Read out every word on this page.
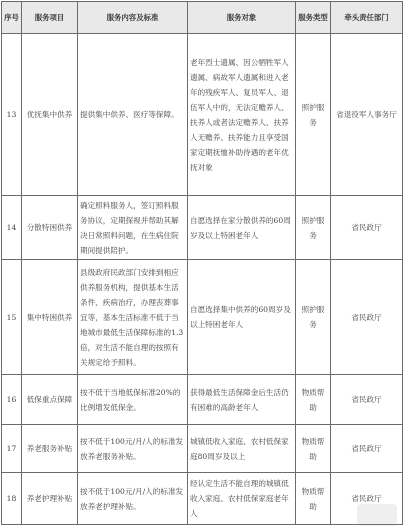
序号	服务项目	服务内容及标准	服务对象	服务类型	牵头责任部门
13	优抚集中供养	提供集中供养、医疗等保障。	老年烈士遗属、因公牺牲军人遗属、病故军人遗属和进入老年的残疾军人、复员军人、退伍军人中的，无法定赡养人、扶养人或者法定赡养人、扶养人无赡养、扶养能力且享受国家定期抚恤补助待遇的老年优抚对象	照护服务	省退役军人事务厅
14	分散特困供养	确定照料服务人，签订照料服务协议，定期探视并帮助其解决日常照料问题，在生病住院期间提供陪护。	自愿选择在家分散供养的60周岁及以上特困老年人	照护服务	省民政厅
15	集中特困供养	县级政府民政部门安排到相应供养服务机构，提供基本生活条件、疾病治疗，办理丧葬事宜等，基本生活标准不低于当地城市最低生活保障标准的1.3倍，对生活不能自理的按照有关规定给予照料。	自愿选择集中供养的60周岁及以上特困老年人	照护服务	省民政厅
16	低保重点保障	按不低于当地低保标准20%的比例增发低保金。	获得最低生活保障金后生活仍有困难的高龄老年人	物质帮助	省民政厅
17	养老服务补贴	按不低于100元/月/人的标准发放养老服务补贴。	城镇低收入家庭、农村低保家庭80周岁及以上	物质帮助	省民政厅
18	养老护理补贴	按不低于100元/月/人的标准发放养老护理补贴。	经认定生活不能自理的城镇低收入家庭、农村低保家庭老年人	物质帮助	省民政厅
